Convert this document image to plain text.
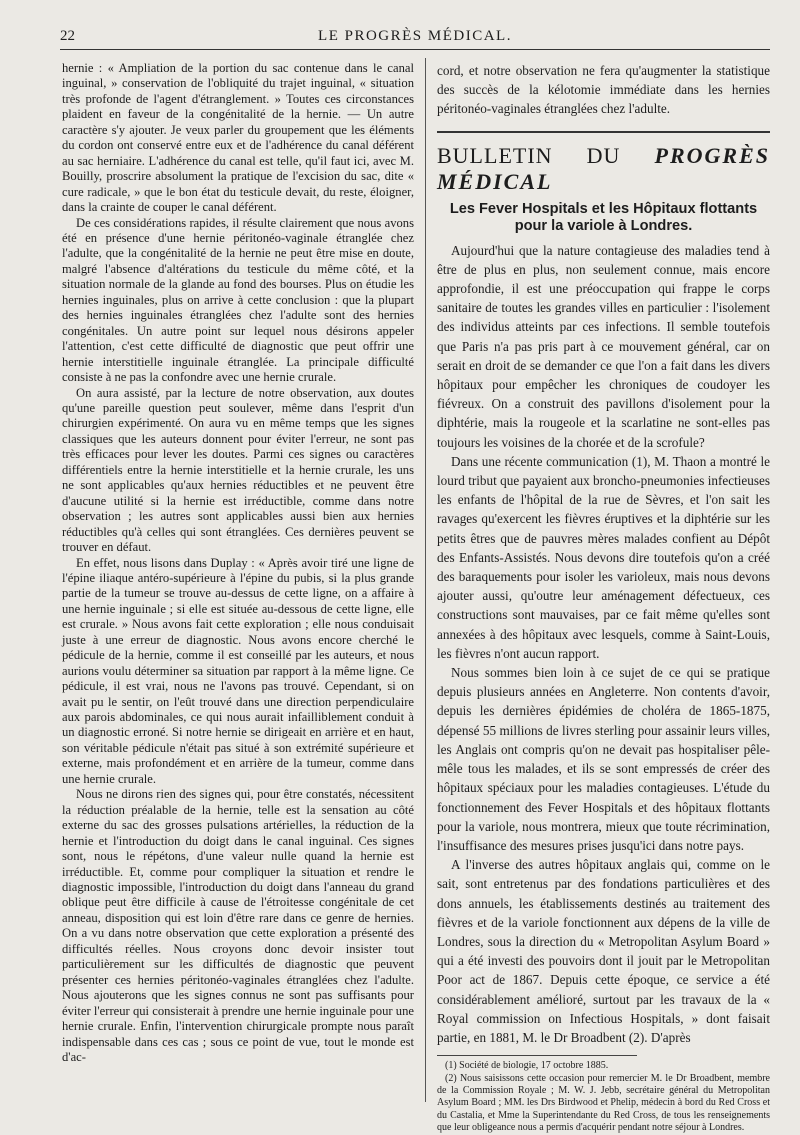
22	LE PROGRÈS MÉDICAL.

hernie : « Ampliation de la portion du sac contenue dans le canal inguinal, » conservation de l'obliquité du trajet inguinal, « situation très profonde de l'agent d'étranglement. » Toutes ces circonstances plaident en faveur de la congénitalité de la hernie. — Un autre caractère s'y ajouter. Je veux parler du groupement que les éléments du cordon ont conservé entre eux et de l'adhérence du canal déférent au sac herniaire. L'adhérence du canal est telle, qu'il faut ici, avec M. Bouilly, proscrire absolument la pratique de l'excision du sac, dite « cure radicale, » que le bon état du testicule devait, du reste, éloigner, dans la crainte de couper le canal déférent.

De ces considérations rapides, il résulte clairement que nous avons été en présence d'une hernie péritonéo-vaginale étranglée chez l'adulte, que la congénitalité de la hernie ne peut être mise en doute, malgré l'absence d'altérations du testicule du même côté, et la situation normale de la glande au fond des bourses. Plus on étudie les hernies inguinales, plus on arrive à cette conclusion : que la plupart des hernies inguinales étranglées chez l'adulte sont des hernies congénitales. Un autre point sur lequel nous désirons appeler l'attention, c'est cette difficulté de diagnostic que peut offrir une hernie interstitielle inguinale étranglée. La principale difficulté consiste à ne pas la confondre avec une hernie crurale.

On aura assisté, par la lecture de notre observation, aux doutes qu'une pareille question peut soulever, même dans l'esprit d'un chirurgien expérimenté. On aura vu en même temps que les signes classiques que les auteurs donnent pour éviter l'erreur, ne sont pas très efficaces pour lever les doutes. Parmi ces signes ou caractères différentiels entre la hernie interstitielle et la hernie crurale, les uns ne sont applicables qu'aux hernies réductibles et ne peuvent être d'aucune utilité si la hernie est irréductible, comme dans notre observation ; les autres sont applicables aussi bien aux hernies réductibles qu'à celles qui sont étranglées. Ces dernières peuvent se trouver en défaut.

En effet, nous lisons dans Duplay : « Après avoir tiré une ligne de l'épine iliaque antéro-supérieure à l'épine du pubis, si la plus grande partie de la tumeur se trouve au-dessus de cette ligne, on a affaire à une hernie inguinale ; si elle est située au-dessous de cette ligne, elle est crurale. » Nous avons fait cette exploration ; elle nous conduisait juste à une erreur de diagnostic. Nous avons encore cherché le pédicule de la hernie, comme il est conseillé par les auteurs, et nous aurions voulu déterminer sa situation par rapport à la même ligne. Ce pédicule, il est vrai, nous ne l'avons pas trouvé. Cependant, si on avait pu le sentir, on l'eût trouvé dans une direction perpendiculaire aux parois abdominales, ce qui nous aurait infailliblement conduit à un diagnostic erroné. Si notre hernie se dirigeait en arrière et en haut, son véritable pédicule n'était pas situé à son extrémité supérieure et externe, mais profondément et en arrière de la tumeur, comme dans une hernie crurale.

Nous ne dirons rien des signes qui, pour être constatés, nécessitent la réduction préalable de la hernie, telle est la sensation au côté externe du sac des grosses pulsations artérielles, la réduction de la hernie et l'introduction du doigt dans le canal inguinal. Ces signes sont, nous le répétons, d'une valeur nulle quand la hernie est irréductible. Et, comme pour compliquer la situation et rendre le diagnostic impossible, l'introduction du doigt dans l'anneau du grand oblique peut être difficile à cause de l'étroitesse congénitale de cet anneau, disposition qui est loin d'être rare dans ce genre de hernies. On a vu dans notre observation que cette exploration a présenté des difficultés réelles. Nous croyons donc devoir insister tout particulièrement sur les difficultés de diagnostic que peuvent présenter ces hernies péritonéo-vaginales étranglées chez l'adulte. Nous ajouterons que les signes connus ne sont pas suffisants pour éviter l'erreur qui consisterait à prendre une hernie inguinale pour une hernie crurale. Enfin, l'intervention chirurgicale prompte nous paraît indispensable dans ces cas ; sous ce point de vue, tout le monde est d'ac-

cord, et notre observation ne fera qu'augmenter la statistique des succès de la kélotomie immédiate dans les hernies péritonéo-vaginales étranglées chez l'adulte.

BULLETIN DU PROGRÈS MÉDICAL
Les Fever Hospitals et les Hôpitaux flottants pour la variole à Londres.

Aujourd'hui que la nature contagieuse des maladies tend à être de plus en plus, non seulement connue, mais encore approfondie, il est une préoccupation qui frappe le corps sanitaire de toutes les grandes villes en particulier : l'isolement des individus atteints par ces infections. Il semble toutefois que Paris n'a pas pris part à ce mouvement général, car on serait en droit de se demander ce que l'on a fait dans les divers hôpitaux pour empêcher les chroniques de coudoyer les fiévreux. On a construit des pavillons d'isolement pour la diphtérie, mais la rougeole et la scarlatine ne sont-elles pas toujours les voisines de la chorée et de la scrofule?

Dans une récente communication (1), M. Thaon a montré le lourd tribut que payaient aux broncho-pneumonies infectieuses les enfants de l'hôpital de la rue de Sèvres, et l'on sait les ravages qu'exercent les fièvres éruptives et la diphtérie sur les petits êtres que de pauvres mères malades confient au Dépôt des Enfants-Assistés. Nous devons dire toutefois qu'on a créé des baraquements pour isoler les varioleux, mais nous devons ajouter aussi, qu'outre leur aménagement défectueux, ces constructions sont mauvaises, par ce fait même qu'elles sont annexées à des hôpitaux avec lesquels, comme à Saint-Louis, les fièvres n'ont aucun rapport.

Nous sommes bien loin à ce sujet de ce qui se pratique depuis plusieurs années en Angleterre. Non contents d'avoir, depuis les dernières épidémies de choléra de 1865-1875, dépensé 55 millions de livres sterling pour assainir leurs villes, les Anglais ont compris qu'on ne devait pas hospitaliser pêle-mêle tous les malades, et ils se sont empressés de créer des hôpitaux spéciaux pour les maladies contagieuses. L'étude du fonctionnement des Fever Hospitals et des hôpitaux flottants pour la variole, nous montrera, mieux que toute récrimination, l'insuffisance des mesures prises jusqu'ici dans notre pays.

A l'inverse des autres hôpitaux anglais qui, comme on le sait, sont entretenus par des fondations particulières et des dons annuels, les établissements destinés au traitement des fièvres et de la variole fonctionnent aux dépens de la ville de Londres, sous la direction du « Metropolitan Asylum Board » qui a été investi des pouvoirs dont il jouit par le Metropolitan Poor act de 1867. Depuis cette époque, ce service a été considérablement amélioré, surtout par les travaux de la « Royal commission on Infectious Hospitals, » dont faisait partie, en 1881, M. le Dr Broadbent (2). D'après

(1) Société de biologie, 17 octobre 1885.

(2) Nous saisissons cette occasion pour remercier M. le Dr Broadbent, membre de la Commission Royale ; M. W. J. Jebb, secrétaire général du Metropolitan Asylum Board ; MM. les Drs Birdwood et Phelip, médecin à bord du Red Cross et du Castalia, et Mme la Superintendante du Red Cross, de tous les renseignements que leur obligeance nous a permis d'acquérir pendant notre séjour à Londres.
